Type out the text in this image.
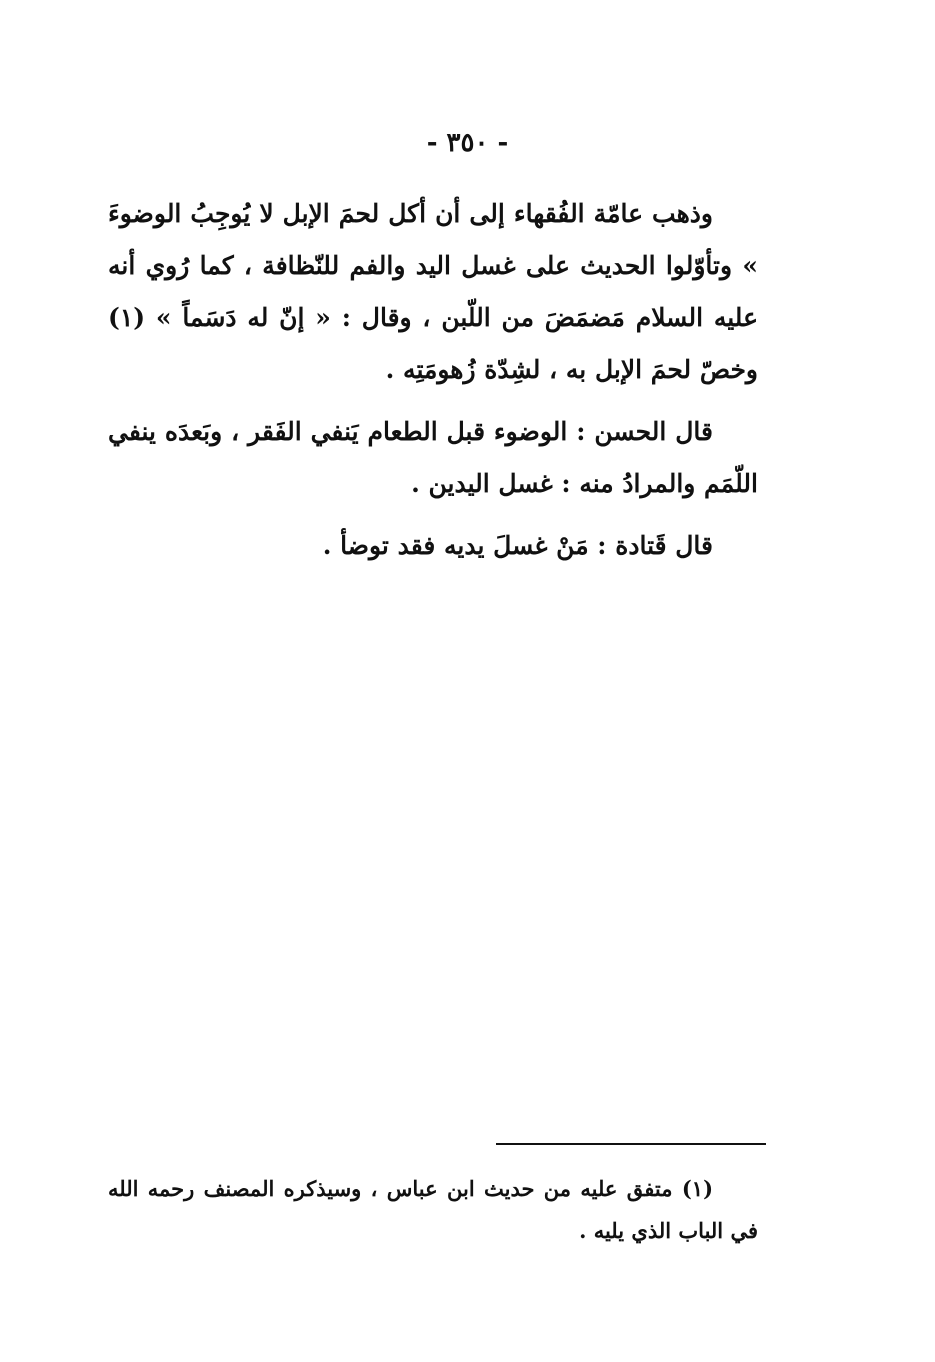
- ٣٥٠ -

وذهب عامّة الفُقهاء إلى أن أكل لحمَ الإبل لا يُوجِبُ الوضوءَ » وتأوّلوا الحديث على غسل اليد والفم للنّظافة ، كما رُوي أنه عليه السلام مَضمَضَ من اللّبن ، وقال : « إنّ له دَسَماً » (١) وخصّ لحمَ الإبل به ، لشِدّة زُهومَتِه .

قال الحسن : الوضوء قبل الطعام يَنفي الفَقر ، وبَعدَه ينفي اللّمَم والمرادُ منه : غسل اليدين .

قال قَتادة : مَنْ غسلَ يديه فقد توضأ .

(١) متفق عليه من حديث ابن عباس ، وسيذكره المصنف رحمه الله في الباب الذي يليه .
